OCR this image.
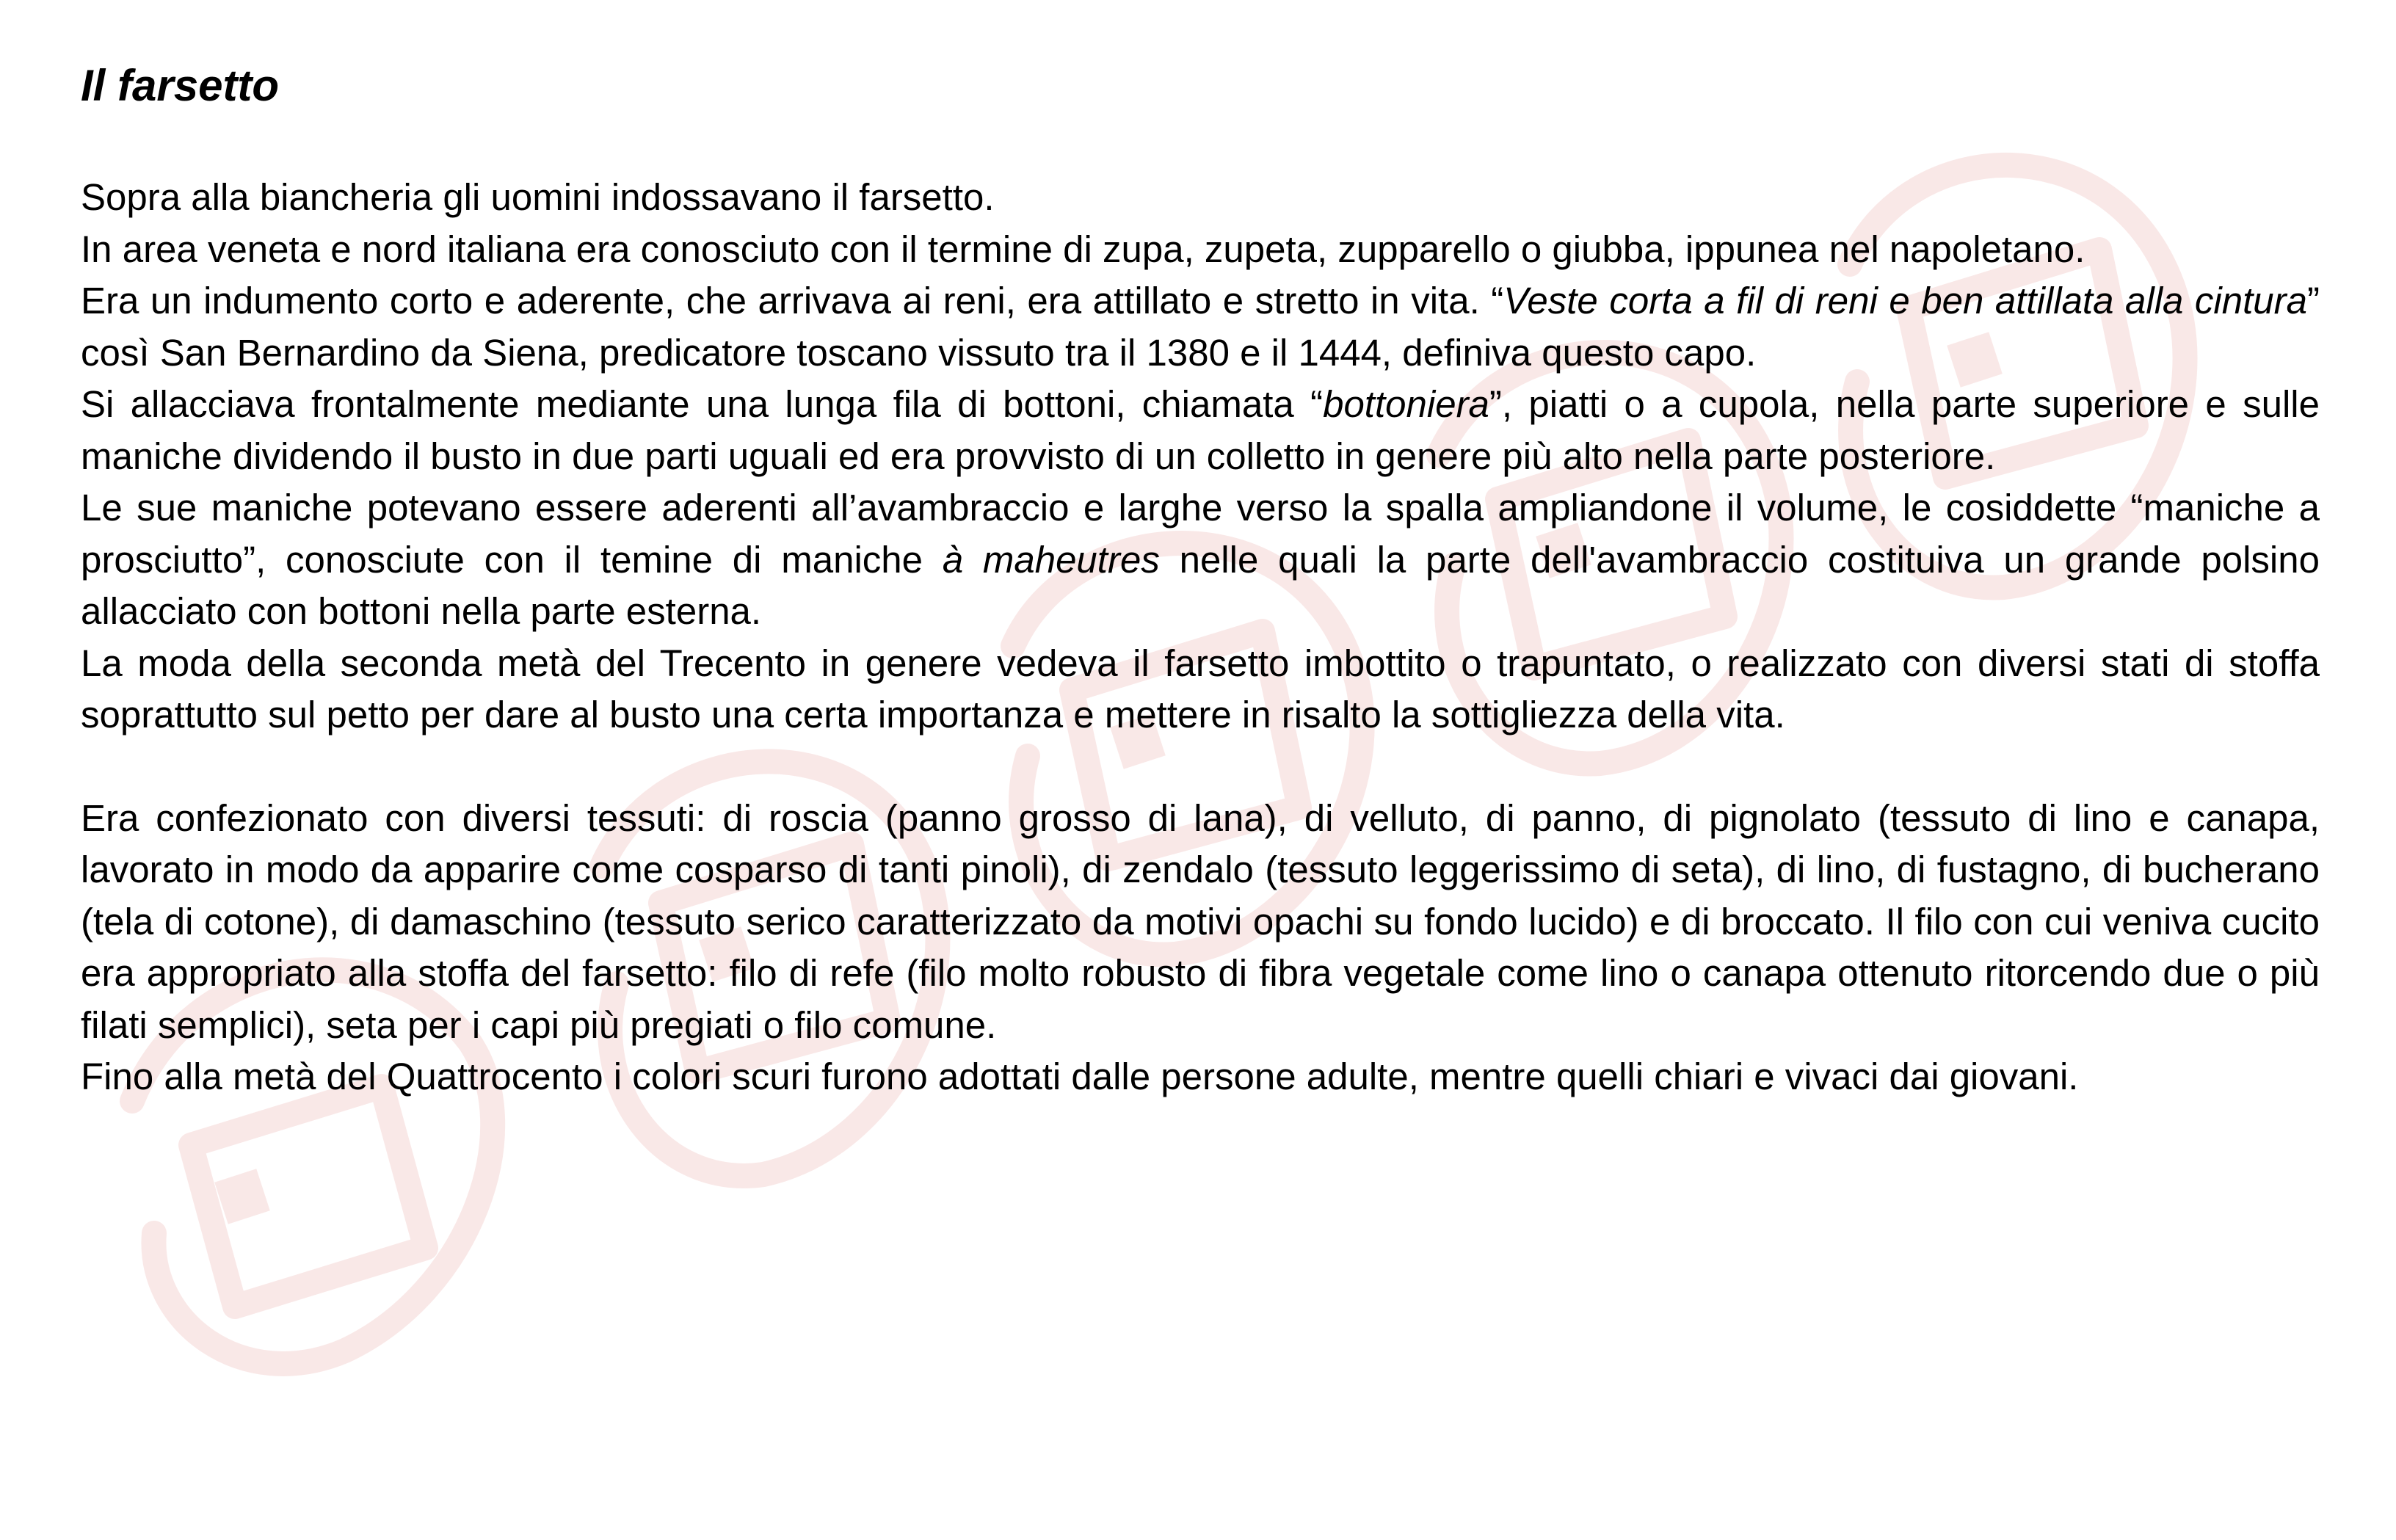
Il farsetto

Sopra alla biancheria gli uomini indossavano il farsetto.

In area veneta e nord italiana era conosciuto con il termine di zupa, zupeta, zupparello o giubba, ippunea nel napoletano.

Era un indumento corto e aderente, che arrivava ai reni, era attillato e stretto in vita. “Veste corta a fil di reni e ben attillata alla cintura” così San Bernardino da Siena, predicatore toscano vissuto tra il 1380 e il 1444, definiva questo capo.

Si allacciava frontalmente mediante una lunga fila di bottoni, chiamata “bottoniera”, piatti o a cupola, nella parte superiore e sulle maniche dividendo il busto in due parti uguali ed era provvisto di un colletto in genere più alto nella parte posteriore.

Le sue maniche potevano essere aderenti all’avambraccio e larghe verso la spalla ampliandone il volume, le cosiddette “maniche a prosciutto”, conosciute con il temine di maniche à maheutres nelle quali la parte dell'avambraccio costituiva un grande polsino allacciato con bottoni nella parte esterna.

La moda della seconda metà del Trecento in genere vedeva il farsetto imbottito o trapuntato, o realizzato con diversi stati di stoffa soprattutto sul petto per dare al busto una certa importanza e mettere in risalto la sottigliezza della vita.

Era confezionato con diversi tessuti: di roscia (panno grosso di lana), di velluto, di panno, di pignolato (tessuto di lino e canapa, lavorato in modo da apparire come cosparso di tanti pinoli), di zendalo (tessuto leggerissimo di seta), di lino, di fustagno, di bucherano (tela di cotone), di damaschino (tessuto serico caratterizzato da motivi opachi su fondo lucido) e di broccato. Il filo con cui veniva cucito era appropriato alla stoffa del farsetto: filo di refe (filo molto robusto di fibra vegetale come lino o canapa ottenuto ritorcendo due o più filati semplici), seta per i capi più pregiati o filo comune.

Fino alla metà del Quattrocento i colori scuri furono adottati dalle persone adulte, mentre quelli chiari e vivaci dai giovani.
